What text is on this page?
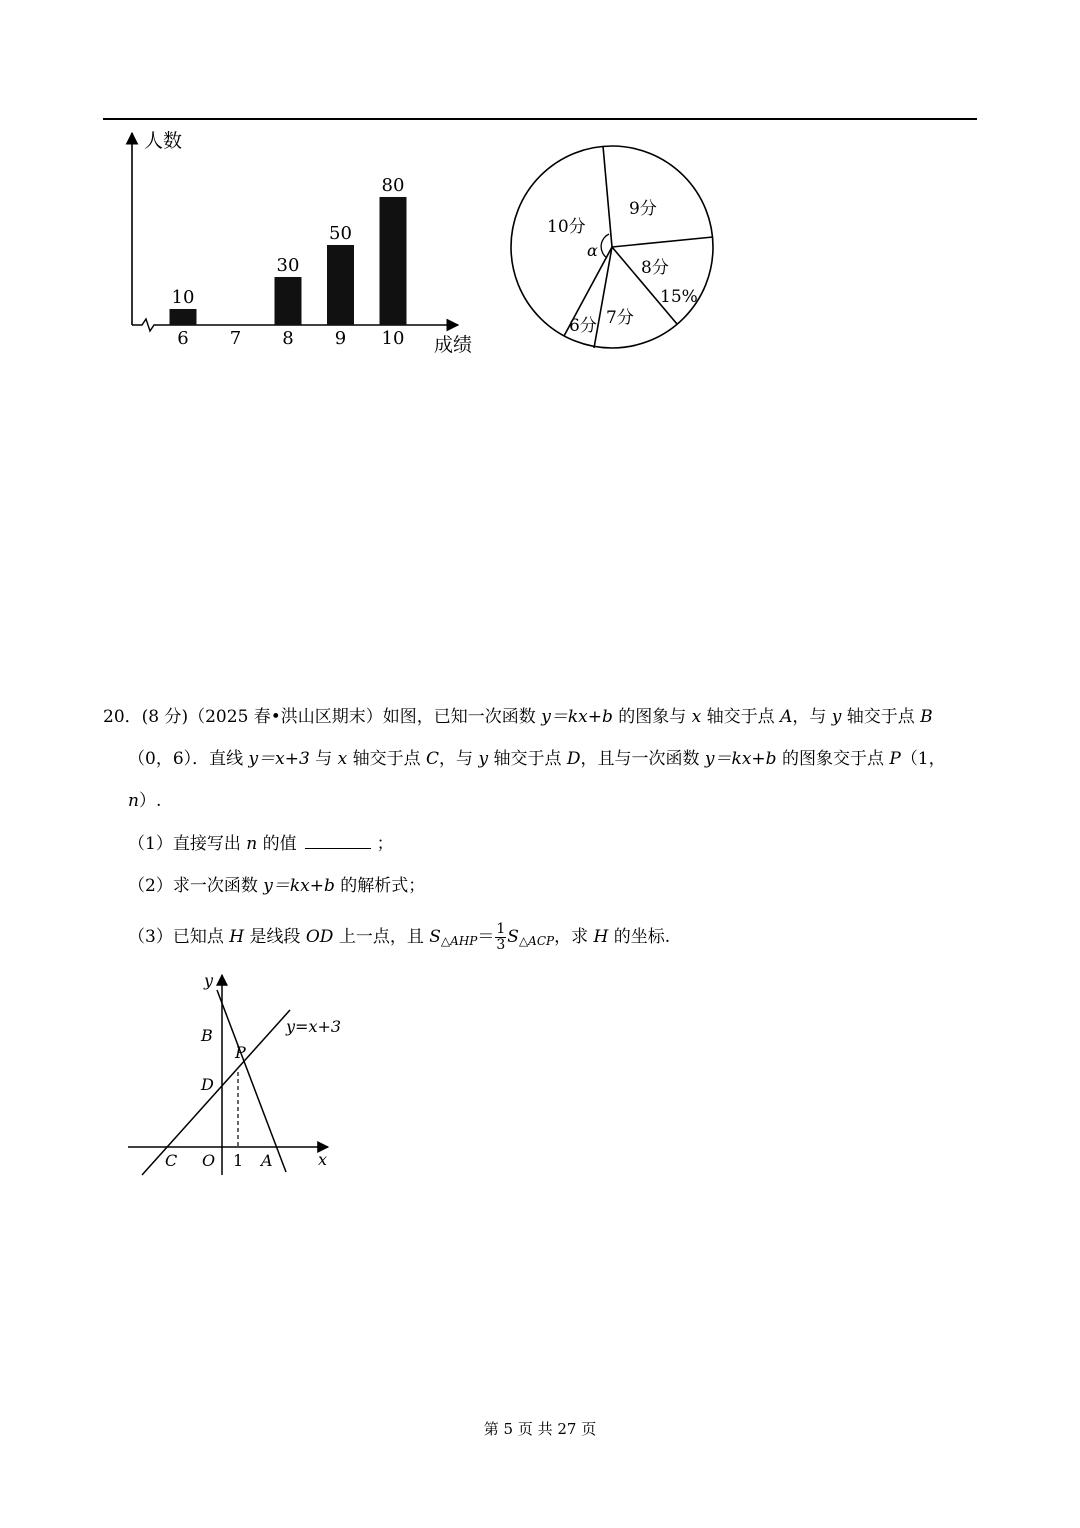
人数
成绩
6
10
7 8
30
9
50
10
80
10分
9分
8分
7分
6分
α
15%
20．(8 分)（2025 春•洪山区期末）如图，已知一次函数 y＝kx+b 的图象与 x 轴交于点 A，与 y 轴交于点 B
（0，6）．直线 y＝x+3 与 x 轴交于点 C，与 y 轴交于点 D，且与一次函数 y＝kx+b 的图象交于点 P（1，
n）.
（1）直接写出 n 的值	；
（2）求一次函数 y＝kx+b 的解析式；
（3）已知点 H 是线段 OD 上一点，且 $S_{\triangle AHP}= \frac{1}{3} S_{\triangle ACP}$，求 H 的坐标.
y
x
B
P
D
C O 1 A
y=x+3
第 5 页 共 27 页
